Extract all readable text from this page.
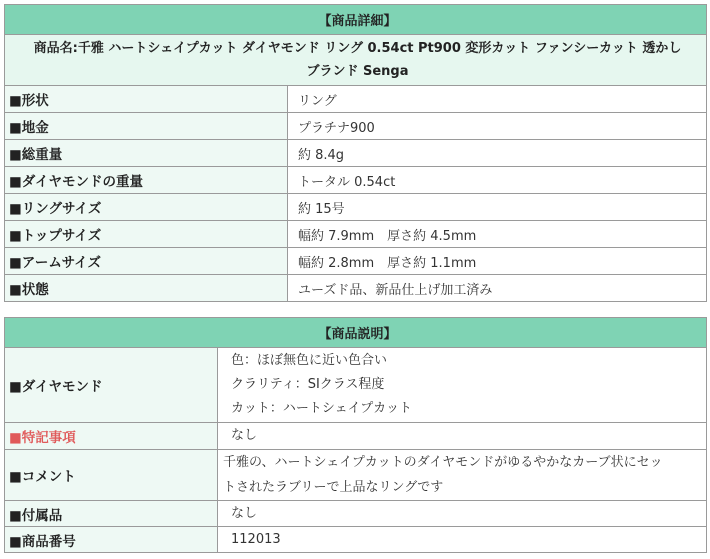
【商品詳細】	
商品名:千雅 ハートシェイプカット ダイヤモンド リング 0.54ct Pt900 変形カット ファンシーカット 透かし
ブランド Senga	
■形状	リング
■地金	プラチナ900
■総重量	約 8.4g
■ダイヤモンドの重量	トータル 0.54ct
■リングサイズ	約 15号
■トップサイズ	幅約 7.9mm　厚さ約 4.5mm
■アームサイズ	幅約 2.8mm　厚さ約 1.1mm
■状態	ユーズド品、新品仕上げ加工済み
【商品説明】	
■ダイヤモンド	色：ほぼ無色に近い色合い
クラリティ：SIクラス程度
カット：ハートシェイプカット

■特記事項	なし

■コメント	千雅の、ハートシェイプカットのダイヤモンドがゆるやかなカーブ状にセッ
トされたラブリーで上品なリングです

■付属品	なし

■商品番号	112013
